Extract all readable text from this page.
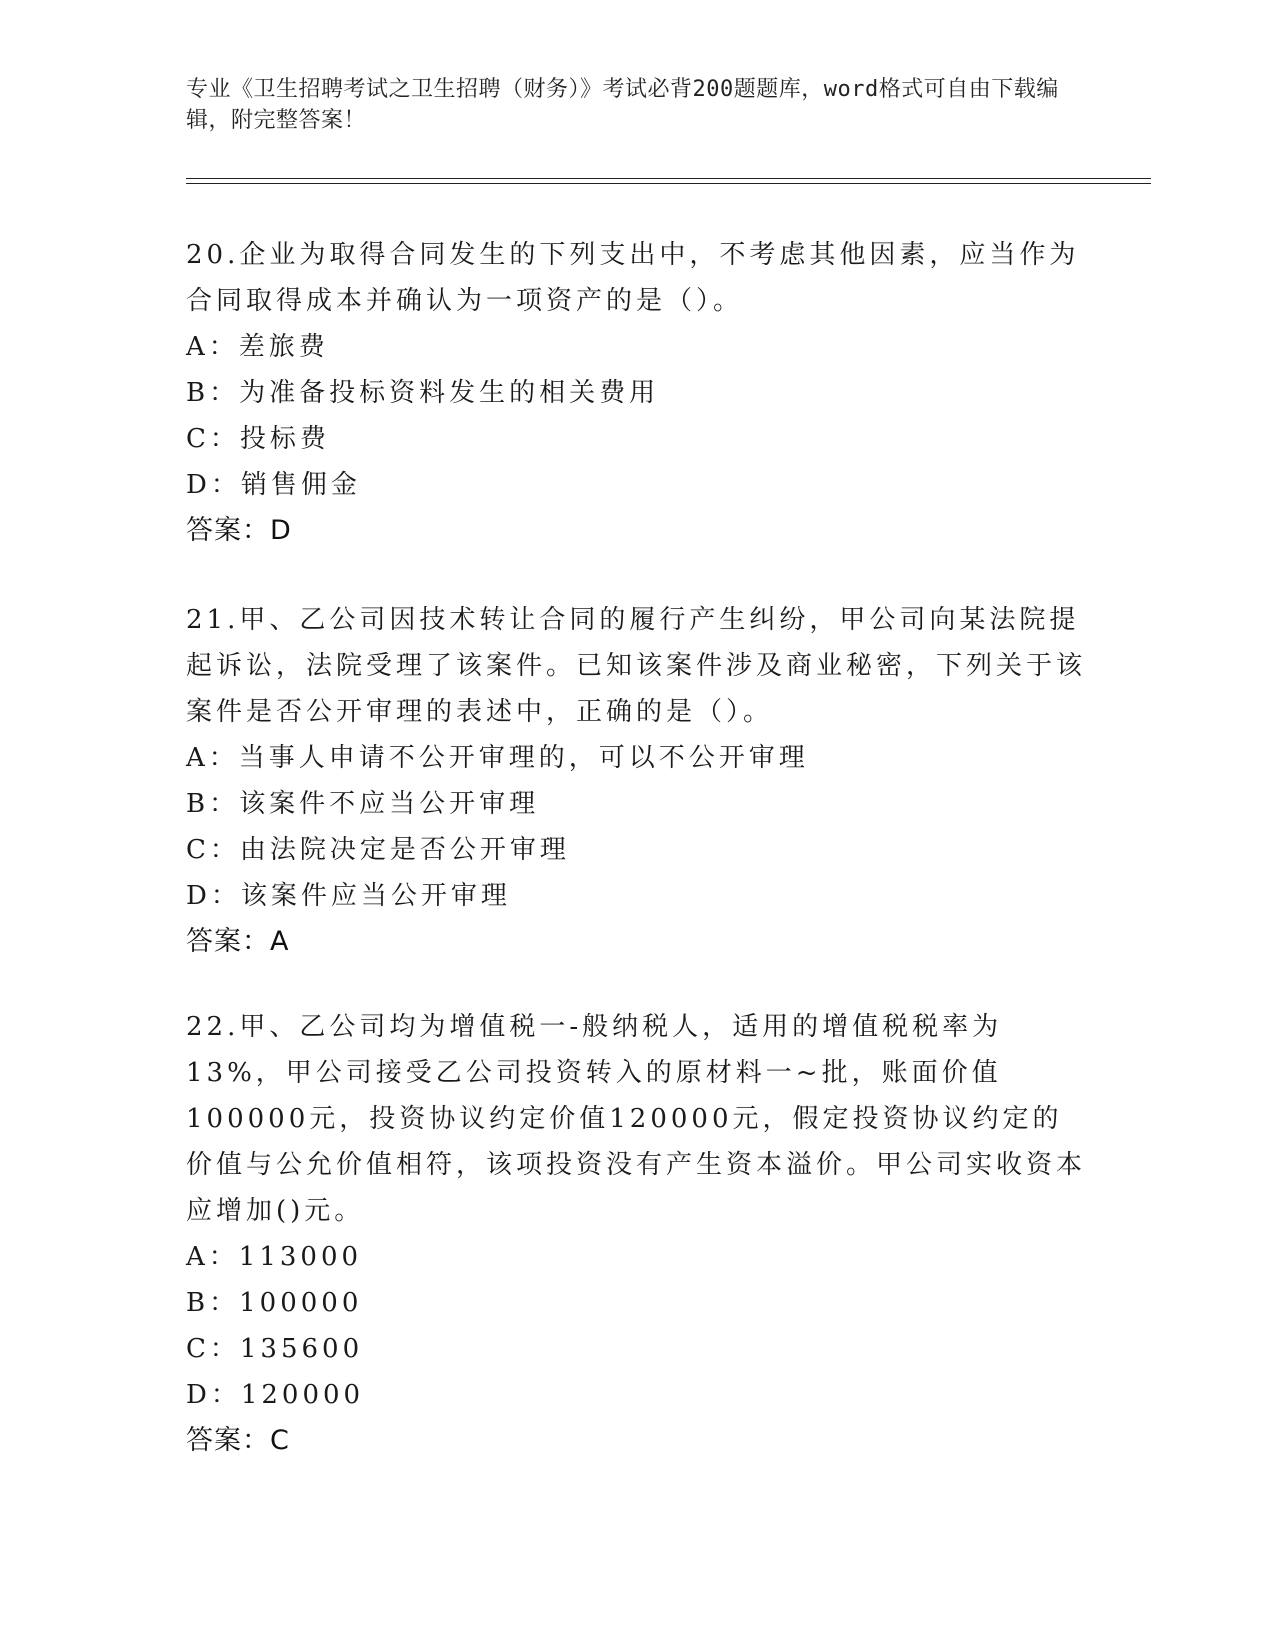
专业《卫生招聘考试之卫生招聘（财务）》考试必背200题题库，word格式可自由下载编辑，附完整答案！

20.企业为取得合同发生的下列支出中，不考虑其他因素，应当作为合同取得成本并确认为一项资产的是（）。

A：差旅费

B：为准备投标资料发生的相关费用

C：投标费

D：销售佣金

答案：D

21.甲、乙公司因技术转让合同的履行产生纠纷，甲公司向某法院提起诉讼，法院受理了该案件。已知该案件涉及商业秘密，下列关于该案件是否公开审理的表述中，正确的是（）。

A：当事人申请不公开审理的，可以不公开审理

B：该案件不应当公开审理

C：由法院决定是否公开审理

D：该案件应当公开审理

答案：A

22.甲、乙公司均为增值税一-般纳税人，适用的增值税税率为13%，甲公司接受乙公司投资转入的原材料一~批，账面价值100000元，投资协议约定价值120000元，假定投资协议约定的价值与公允价值相符，该项投资没有产生资本溢价。甲公司实收资本应增加()元。

A：113000

B：100000

C：135600

D：120000

答案：C
